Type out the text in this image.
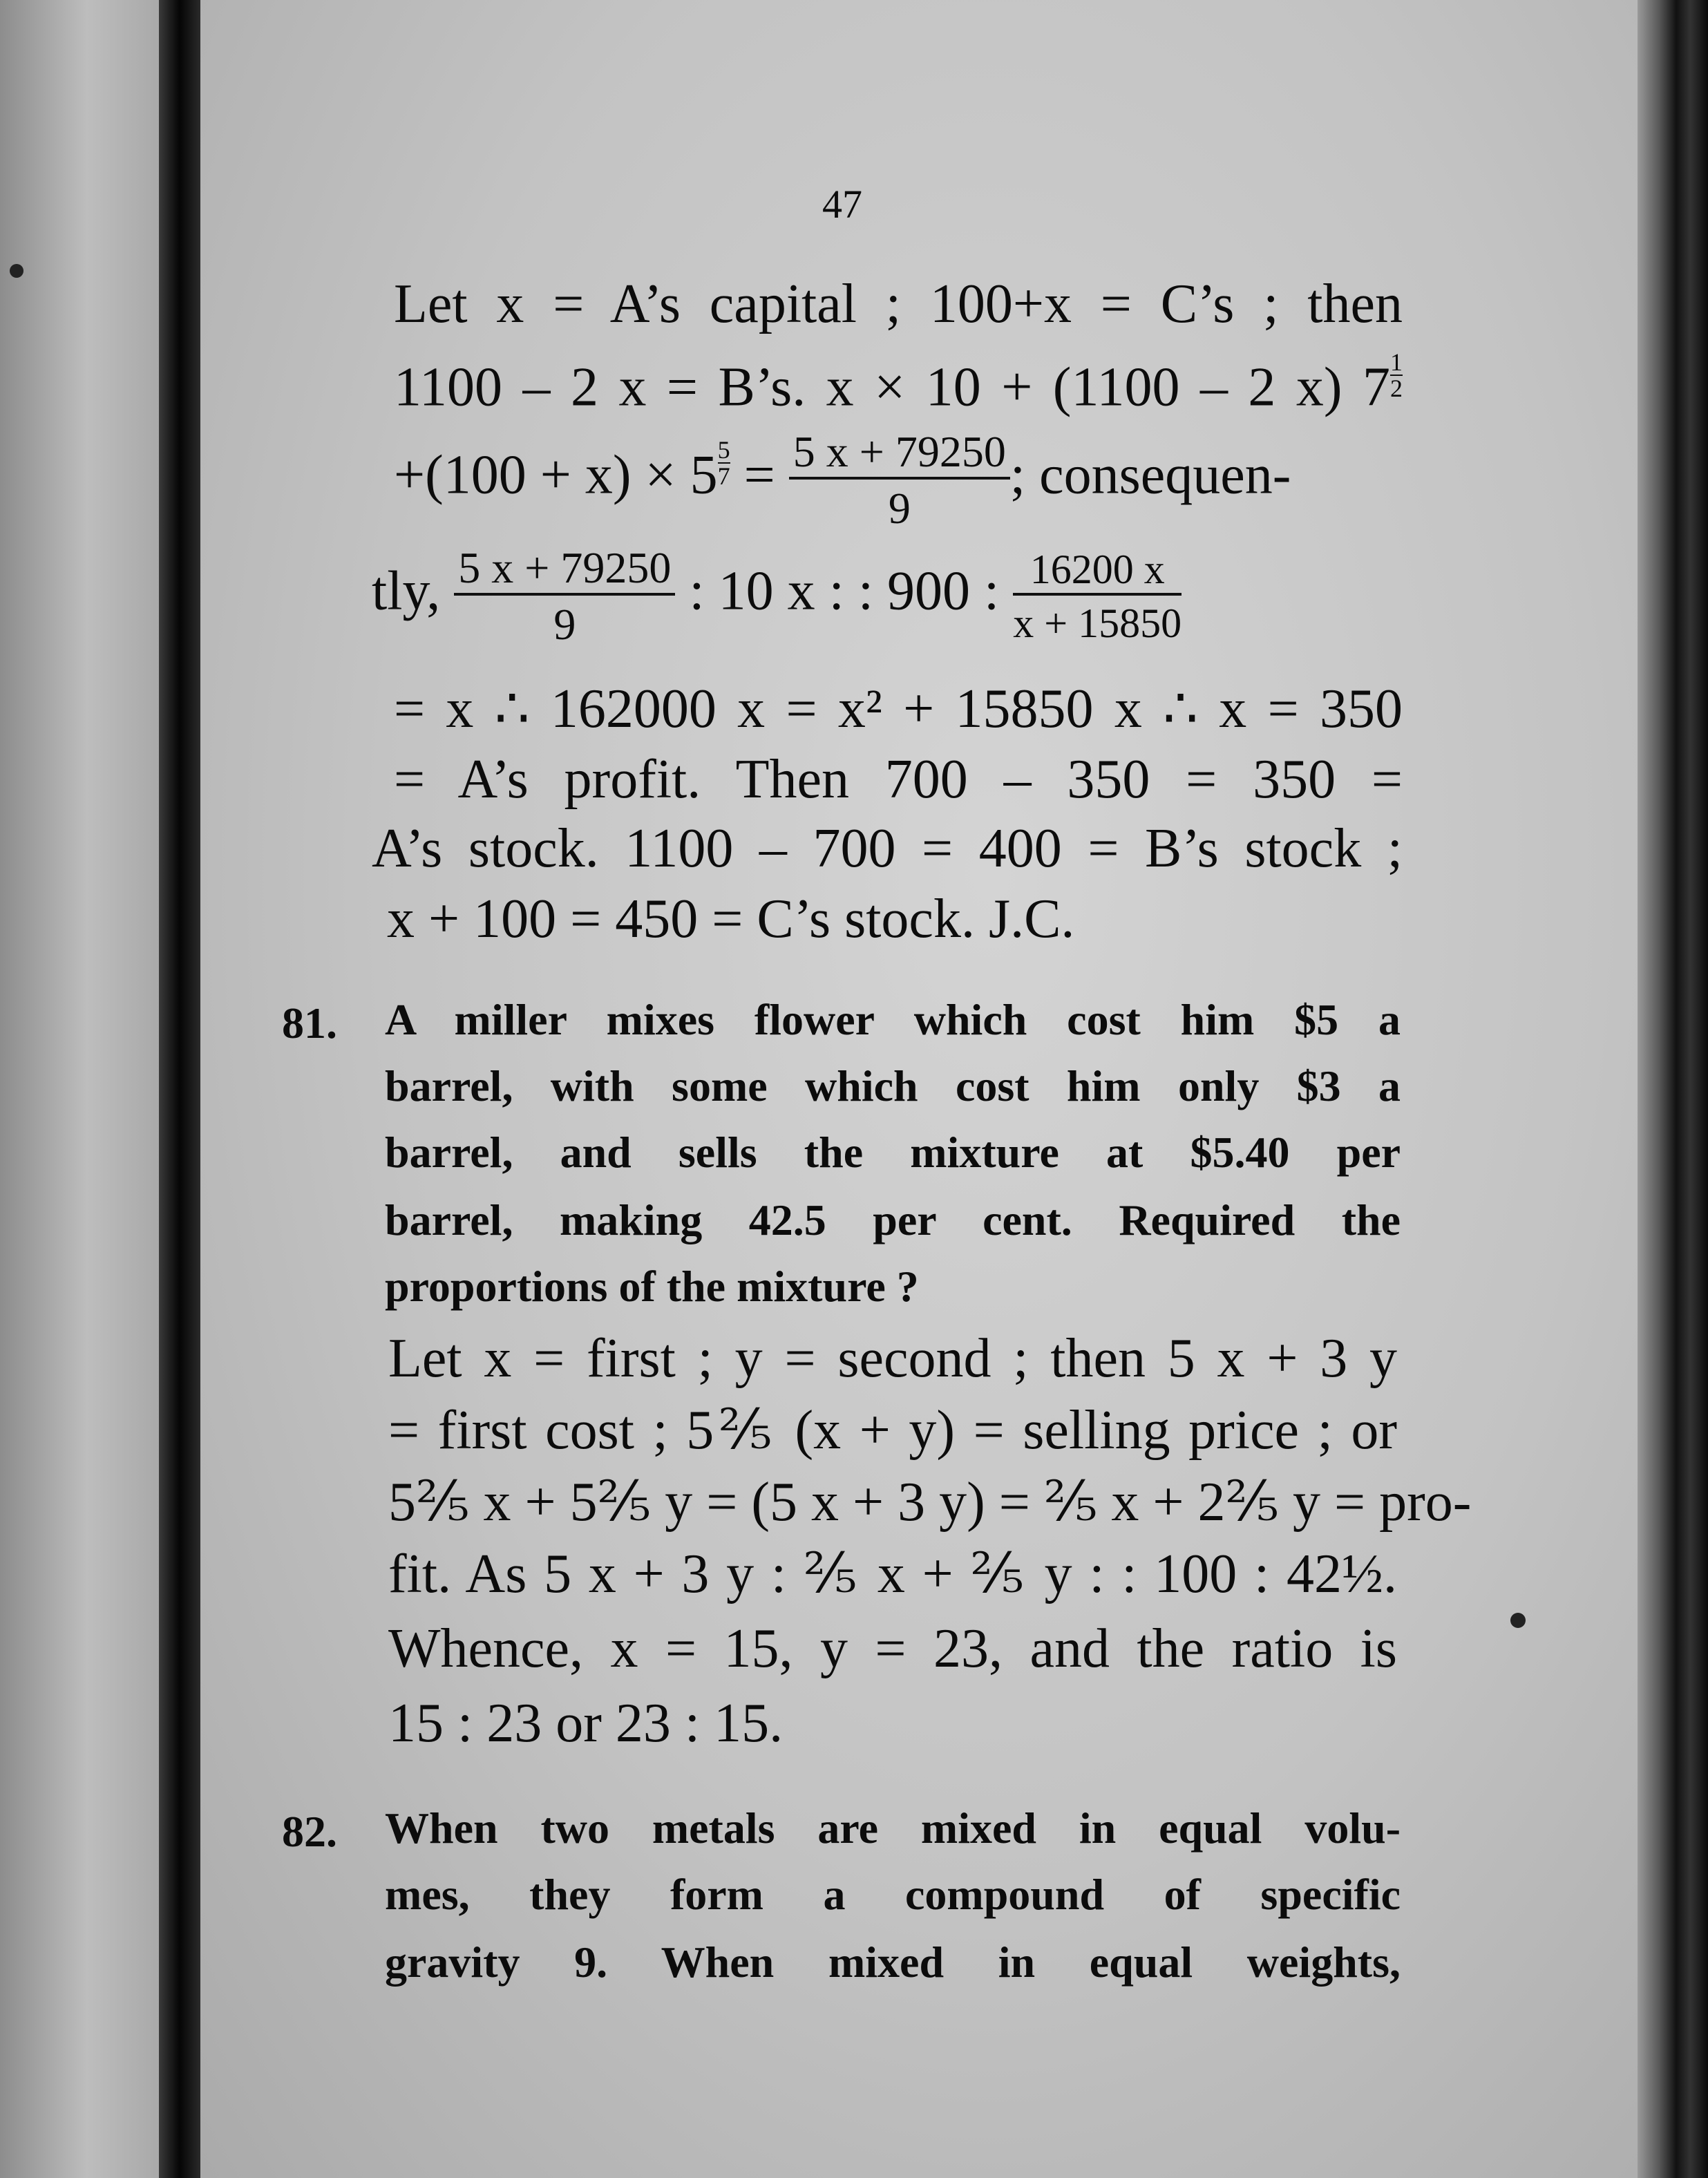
47
Let x = A’s capital ; 100+x = C’s ; then
1100 – 2 x = B’s. x × 10 + (1100 – 2 x) $7 \frac{1}{2}$
$+(100 + x) \times 5 \frac{5}{7} = \frac{5 x + 79250}{9}$ ; consequen-
tly, $\frac{5 x + 79250}{9}$ : 10 x : : 900 : $\frac{16200 x}{x + 15850}$
= x ∴ 162000 x = x² + 15850 x ∴ x = 350
= A’s profit. Then 700 – 350 = 350 =
A’s stock. 1100 – 700 = 400 = B’s stock ;
x + 100 = 450 = C’s stock. J.C.
81. A miller mixes flower which cost him $5 a
barrel, with some which cost him only $3 a
barrel, and sells the mixture at $5.40 per
barrel, making 42.5 per cent. Required the
proportions of the mixture ?
Let x = first ; y = second ; then 5 x + 3 y
= first cost ; 5⅖ (x + y) = selling price ; or
5⅖ x + 5⅖ y = (5 x + 3 y) = ⅖ x + 2⅖ y = pro-
fit. As 5 x + 3 y : ⅖ x + ⅖ y : : 100 : 42½.
Whence, x = 15, y = 23, and the ratio is
15 : 23 or 23 : 15.
82. When two metals are mixed in equal volu-
mes, they form a compound of specific
gravity 9. When mixed in equal weights,
